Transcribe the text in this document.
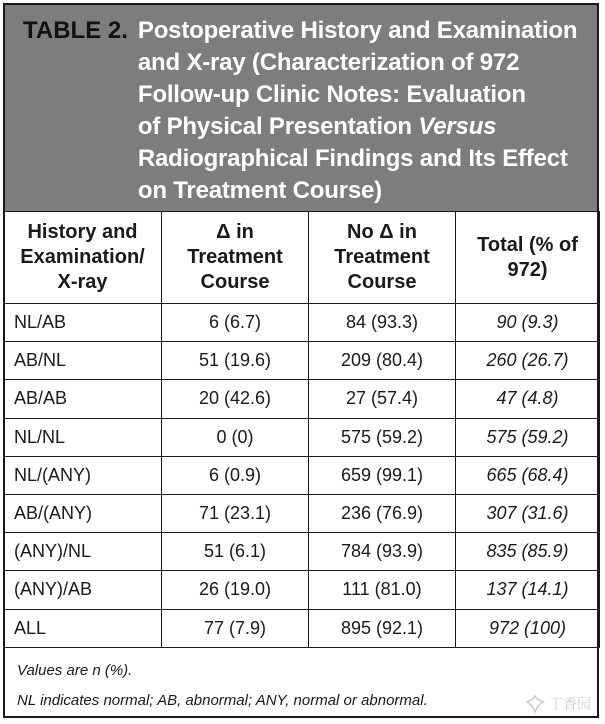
TABLE 2. Postoperative History and Examination
and X-ray (Characterization of 972
Follow-up Clinic Notes: Evaluation
of Physical Presentation Versus
Radiographical Findings and Its Effect
on Treatment Course)
History and Examination/ X-ray	Δ in Treatment Course	No Δ in Treatment Course	Total (% of 972)
NL/AB	6 (6.7)	84 (93.3)	90 (9.3)
AB/NL	51 (19.6)	209 (80.4)	260 (26.7)
AB/AB	20 (42.6)	27 (57.4)	47 (4.8)
NL/NL	0 (0)	575 (59.2)	575 (59.2)
NL/(ANY)	6 (0.9)	659 (99.1)	665 (68.4)
AB/(ANY)	71 (23.1)	236 (76.9)	307 (31.6)
(ANY)/NL	51 (6.1)	784 (93.9)	835 (85.9)
(ANY)/AB	26 (19.0)	111 (81.0)	137 (14.1)
ALL	77 (7.9)	895 (92.1)	972 (100)

Values are n (%).

NL indicates normal; AB, abnormal; ANY, normal or abnormal.	丁香园
